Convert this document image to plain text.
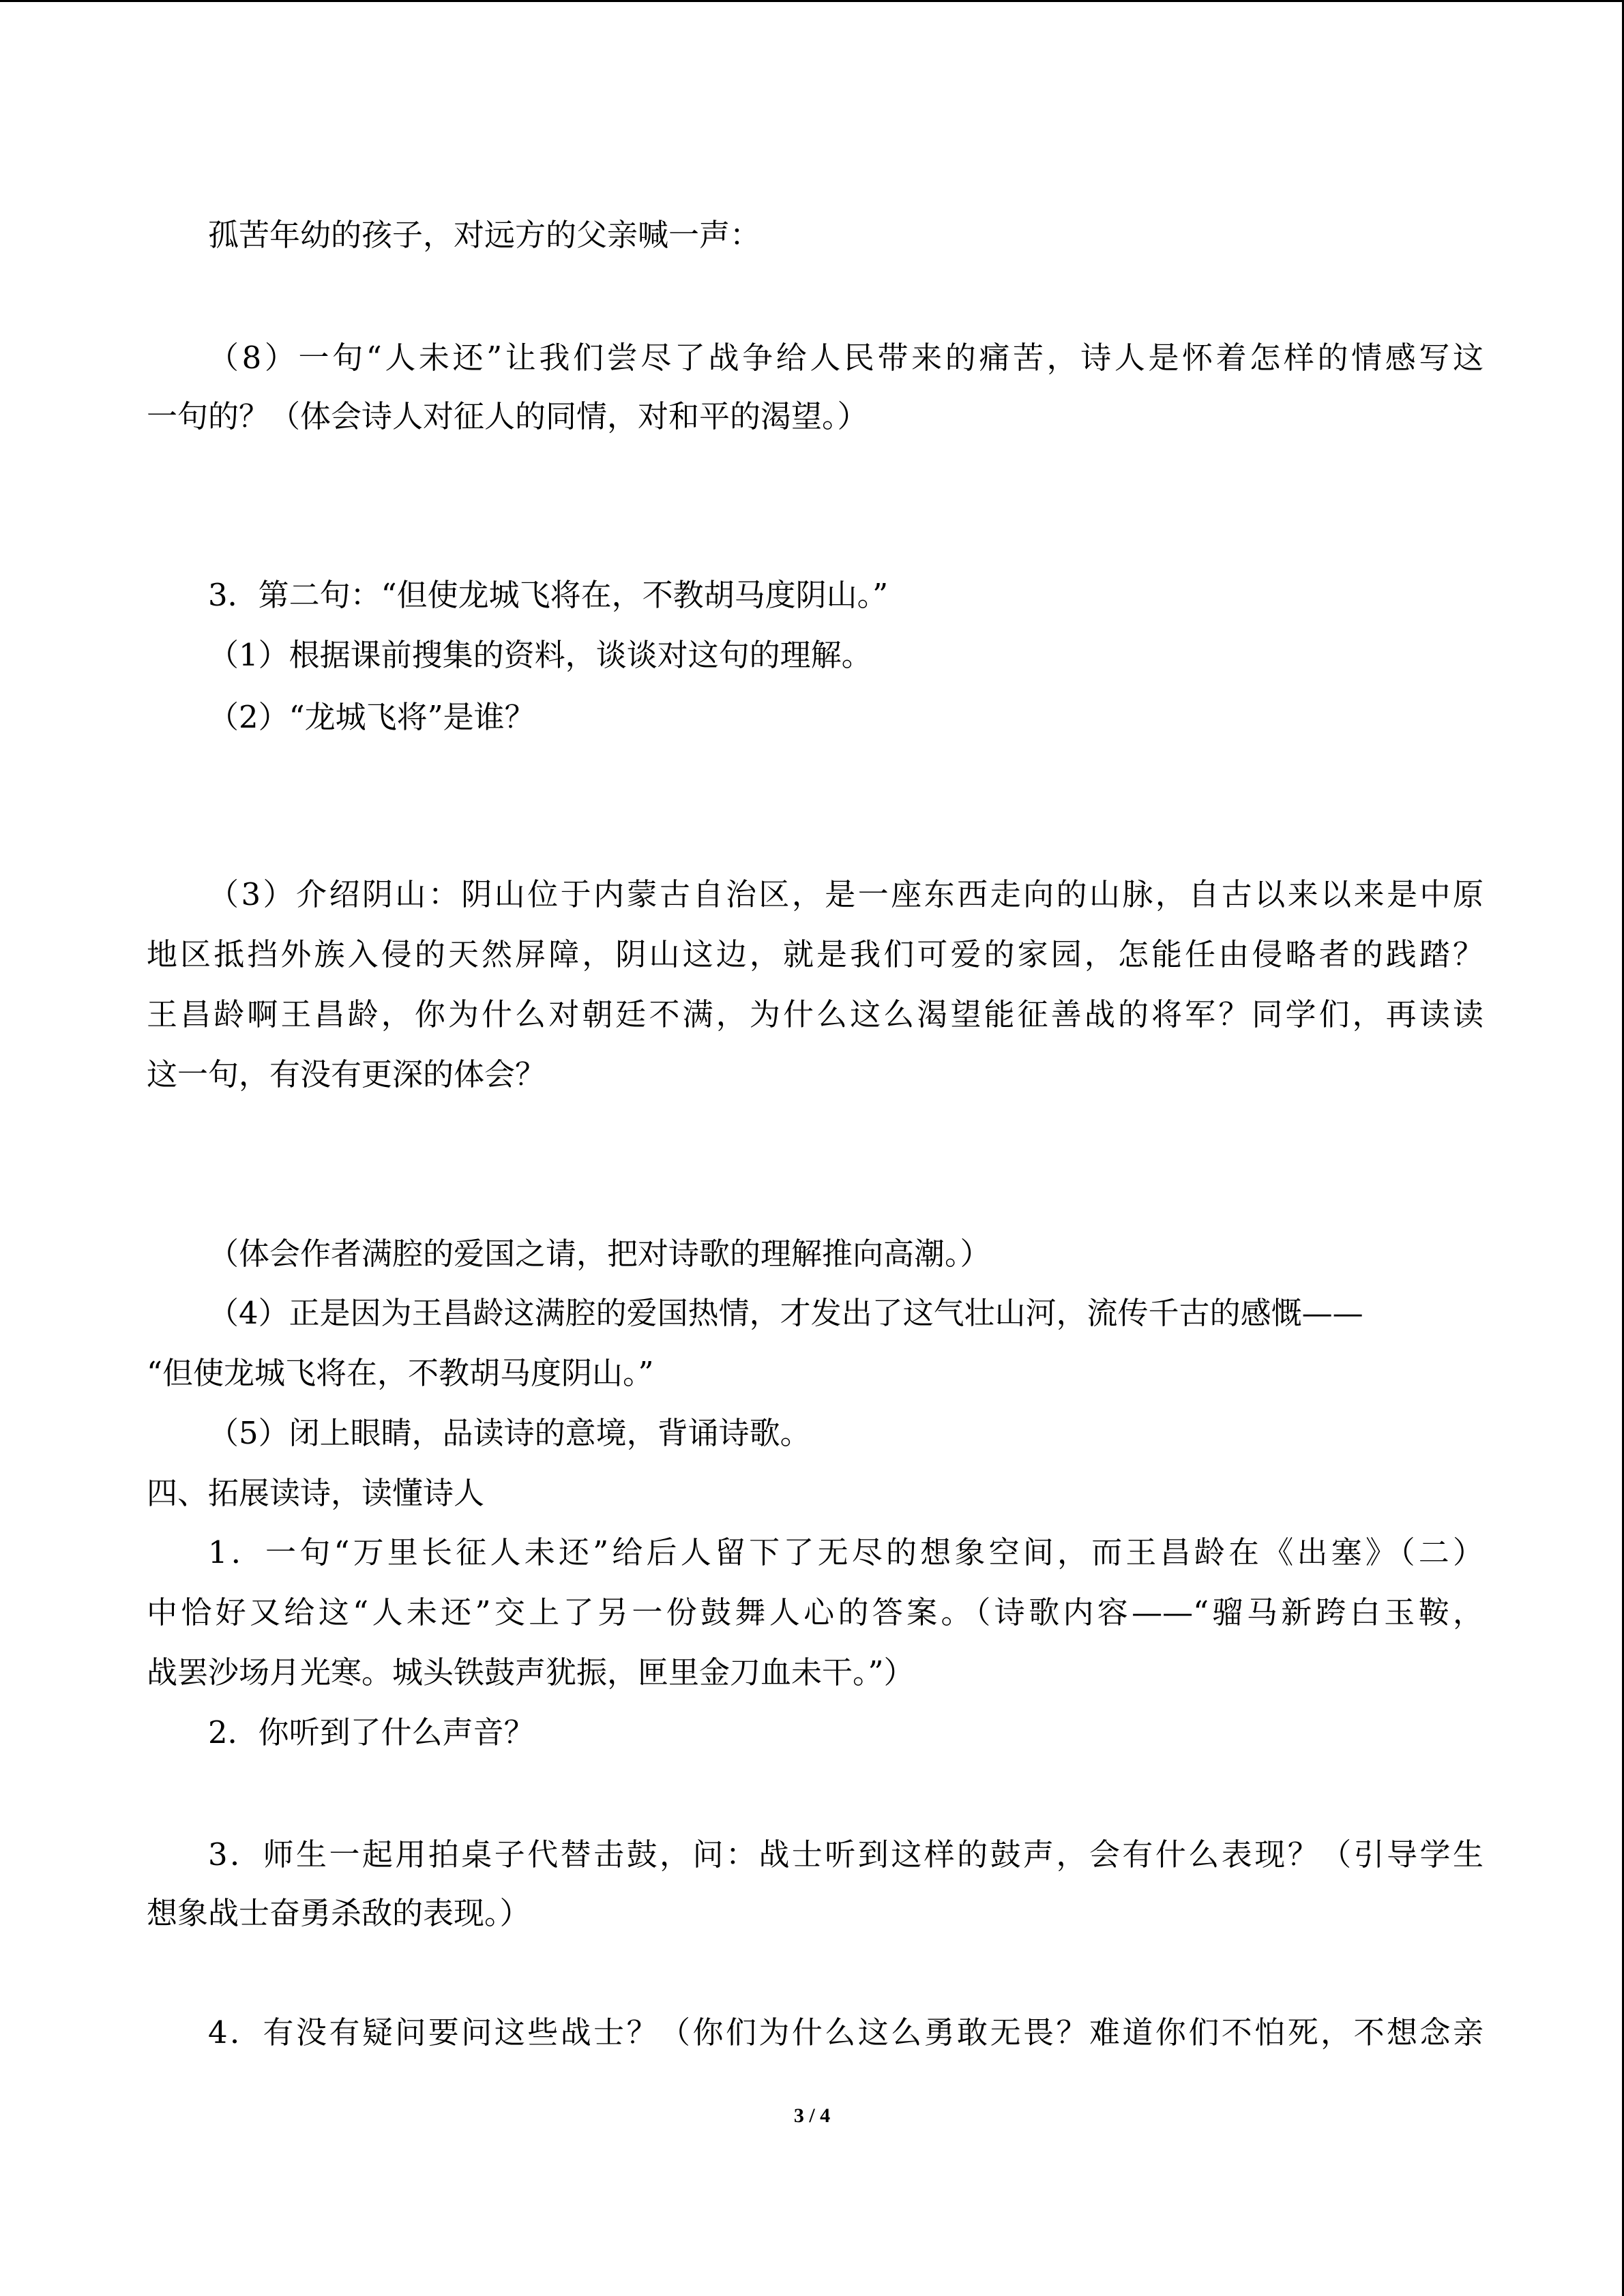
孤苦年幼的孩子，对远方的父亲喊一声：
（8）一句“人未还”让我们尝尽了战争给人民带来的痛苦，诗人是怀着怎样的情感写这
一句的？（体会诗人对征人的同情，对和平的渴望。）
3．第二句：“但使龙城飞将在，不教胡马度阴山。”
（1）根据课前搜集的资料，谈谈对这句的理解。
（2）“龙城飞将”是谁？
（3）介绍阴山：阴山位于内蒙古自治区，是一座东西走向的山脉，自古以来以来是中原
地区抵挡外族入侵的天然屏障，阴山这边，就是我们可爱的家园，怎能任由侵略者的践踏？
王昌龄啊王昌龄，你为什么对朝廷不满，为什么这么渴望能征善战的将军？同学们，再读读
这一句，有没有更深的体会？
（体会作者满腔的爱国之请，把对诗歌的理解推向高潮。）
（4）正是因为王昌龄这满腔的爱国热情，才发出了这气壮山河，流传千古的感慨——
“但使龙城飞将在，不教胡马度阴山。”
（5）闭上眼睛，品读诗的意境，背诵诗歌。
四、拓展读诗，读懂诗人
1．一句“万里长征人未还”给后人留下了无尽的想象空间，而王昌龄在《出塞》（二）
中恰好又给这“人未还”交上了另一份鼓舞人心的答案。（诗歌内容——“骝马新跨白玉鞍，
战罢沙场月光寒。城头铁鼓声犹振，匣里金刀血未干。”）
2．你听到了什么声音？
3．师生一起用拍桌子代替击鼓，问：战士听到这样的鼓声，会有什么表现？（引导学生
想象战士奋勇杀敌的表现。）
4．有没有疑问要问这些战士？（你们为什么这么勇敢无畏？难道你们不怕死，不想念亲
3 / 4
